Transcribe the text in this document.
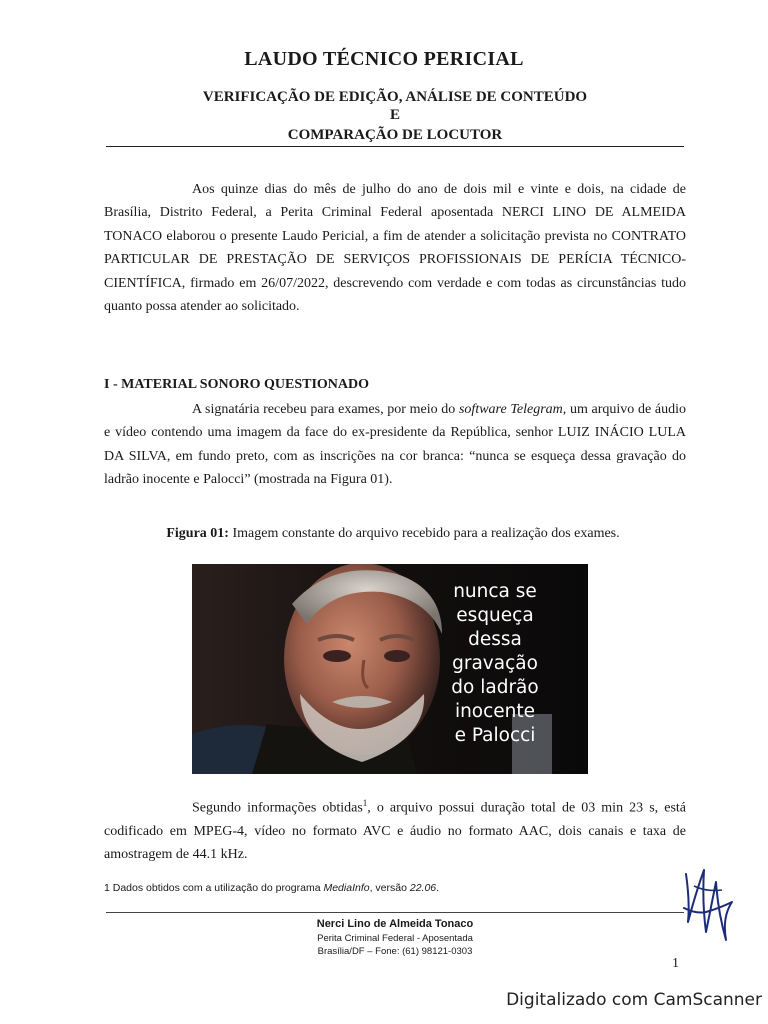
LAUDO TÉCNICO PERICIAL
VERIFICAÇÃO DE EDIÇÃO, ANÁLISE DE CONTEÚDO
E
COMPARAÇÃO DE LOCUTOR

Aos quinze dias do mês de julho do ano de dois mil e vinte e dois, na cidade de Brasília, Distrito Federal, a Perita Criminal Federal aposentada NERCI LINO DE ALMEIDA TONACO elaborou o presente Laudo Pericial, a fim de atender a solicitação prevista no CONTRATO PARTICULAR DE PRESTAÇÃO DE SERVIÇOS PROFISSIONAIS DE PERÍCIA TÉCNICO-CIENTÍFICA, firmado em 26/07/2022, descrevendo com verdade e com todas as circunstâncias tudo quanto possa atender ao solicitado.

I - MATERIAL SONORO QUESTIONADO

A signatária recebeu para exames, por meio do software Telegram, um arquivo de áudio e vídeo contendo uma imagem da face do ex-presidente da República, senhor LUIZ INÁCIO LULA DA SILVA, em fundo preto, com as inscrições na cor branca: “nunca se esqueça dessa gravação do ladrão inocente e Palocci” (mostrada na Figura 01).

Figura 01: Imagem constante do arquivo recebido para a realização dos exames.
nunca se
esqueça
dessa
gravação
do ladrão
inocente
e Palocci

Segundo informações obtidas$^1$, o arquivo possui duração total de 03 min 23 s, está codificado em MPEG-4, vídeo no formato AVC e áudio no formato AAC, dois canais e taxa de amostragem de 44.1 kHz.

1 Dados obtidos com a utilização do programa MediaInfo, versão 22.06.
Nerci Lino de Almeida Tonaco
Perita Criminal Federal - Aposentada
Brasília/DF – Fone: (61) 98121-0303
1
Digitalizado com CamScanner
